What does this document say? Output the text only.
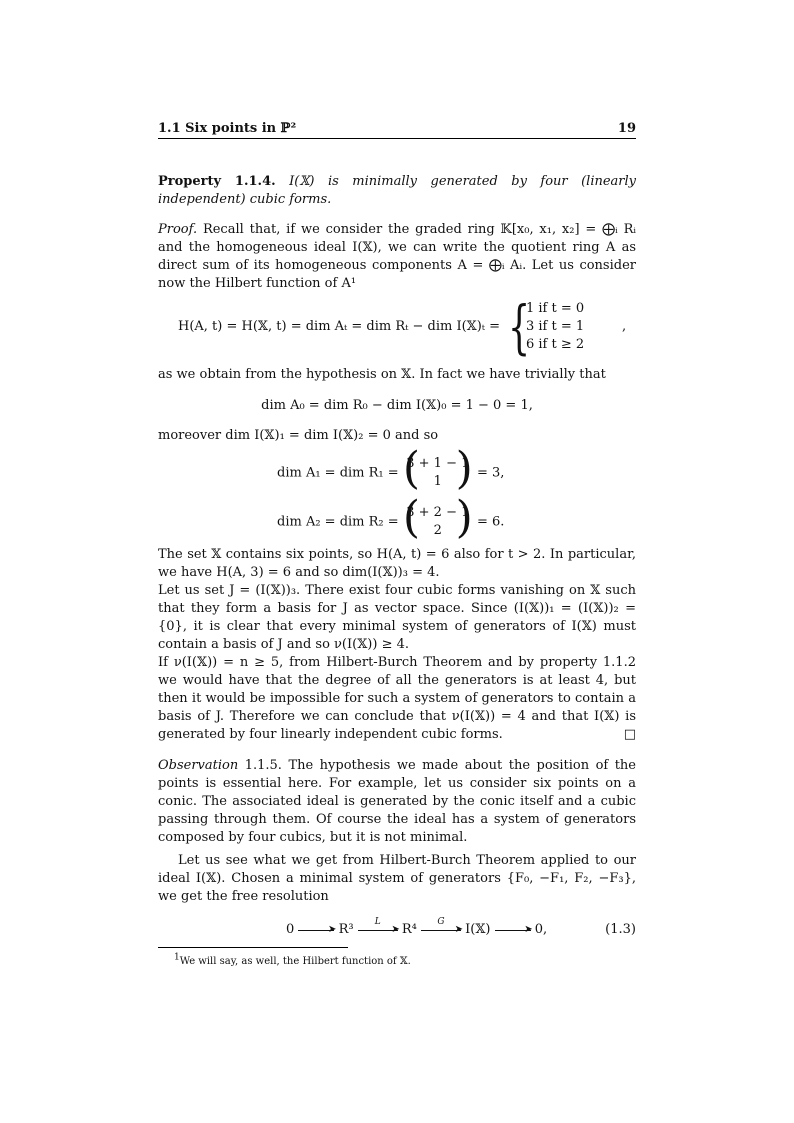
1.1 Six points in ℙ²	19
Property 1.1.4. I(𝕏) is minimally generated by four (linearly independent) cubic forms.
Proof. Recall that, if we consider the graded ring 𝕂[x₀, x₁, x₂] = ⨁ᵢ Rᵢ and the homogeneous ideal I(𝕏), we can write the quotient ring A as direct sum of its homogeneous components A = ⨁ᵢ Aᵢ. Let us consider now the Hilbert function of A¹
H(A, t) = H(𝕏, t) = dim Aₜ = dim Rₜ − dim I(𝕏)ₜ = {
1 if t = 0
3 if t = 1
6 if t ≥ 2
,
as we obtain from the hypothesis on 𝕏. In fact we have trivially that
dim A₀ = dim R₀ − dim I(𝕏)₀ = 1 − 0 = 1,
moreover dim I(𝕏)₁ = dim I(𝕏)₂ = 0 and so
dim A₁ = dim R₁ = (
3 + 1 − 1
1 ) = 3,
dim A₂ = dim R₂ = (
3 + 2 − 1
2 ) = 6.
The set 𝕏 contains six points, so H(A, t) = 6 also for t > 2. In particular, we have H(A, 3) = 6 and so dim(I(𝕏))₃ = 4.
Let us set J = (I(𝕏))₃. There exist four cubic forms vanishing on 𝕏 such that they form a basis for J as vector space. Since (I(𝕏))₁ = (I(𝕏))₂ = {0}, it is clear that every minimal system of generators of I(𝕏) must contain a basis of J and so ν(I(𝕏)) ≥ 4.
If ν(I(𝕏)) = n ≥ 5, from Hilbert-Burch Theorem and by property 1.1.2 we would have that the degree of all the generators is at least 4, but then it would be impossible for such a system of generators to contain a basis of J. Therefore we can conclude that ν(I(𝕏)) = 4 and that I(𝕏) is generated by four linearly independent cubic forms.	□
Observation 1.1.5. The hypothesis we made about the position of the points is essential here. For example, let us consider six points on a conic. The associated ideal is generated by the conic itself and a cubic passing through them. Of course the ideal has a system of generators composed by four cubics, but it is not minimal.
Let us see what we get from Hilbert-Burch Theorem applied to our ideal I(𝕏). Chosen a minimal system of generators {F₀, −F₁, F₂, −F₃}, we get the free resolution
0	➤ R³
L
➤ R⁴
G
➤ I(𝕏)	➤ 0,	(1.3)
$^1$We will say, as well, the Hilbert function of 𝕏.
